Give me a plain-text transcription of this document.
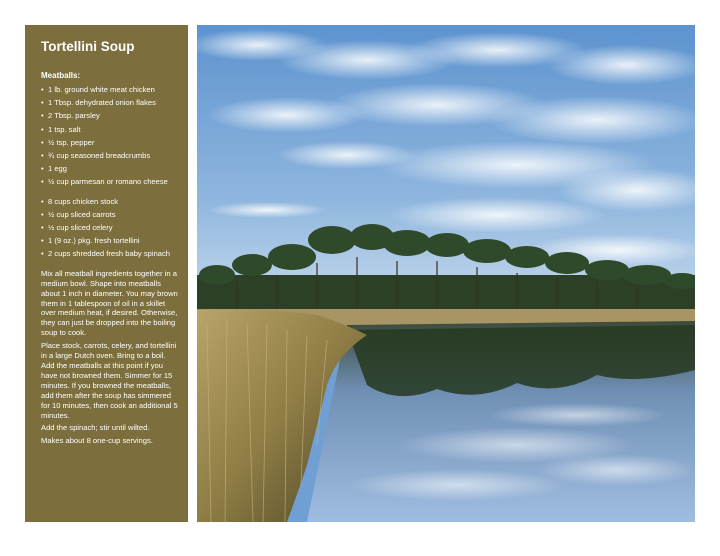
Tortellini Soup
Meatballs:
• 1 lb. ground white meat chicken
• 1 Tbsp. dehydrated onion flakes
• 2 Tbsp. parsley
• 1 tsp. salt
• ½ tsp. pepper
• ¾ cup seasoned breadcrumbs
• 1 egg
• ½ cup parmesan or romano cheese
• 8 cups chicken stock
• ½ cup sliced carrots
• ½ cup sliced celery
• 1 (9 oz.) pkg. fresh tortellini
• 2 cups shredded fresh baby spinach

Mix all meatball ingredients together in a medium bowl. Shape into meatballs about 1 inch in diameter. You may brown them in 1 tablespoon of oil in a skillet over medium heat, if desired. Otherwise, they can just be dropped into the boiling soup to cook.

Place stock, carrots, celery, and tortellini in a large Dutch oven. Bring to a boil. Add the meatballs at this point if you have not browned them. Simmer for 15 minutes. If you browned the meatballs, add them after the soup has simmered for 10 minutes, then cook an additional 5 minutes.

Add the spinach; stir until wilted.

Makes about 8 one-cup servings.
